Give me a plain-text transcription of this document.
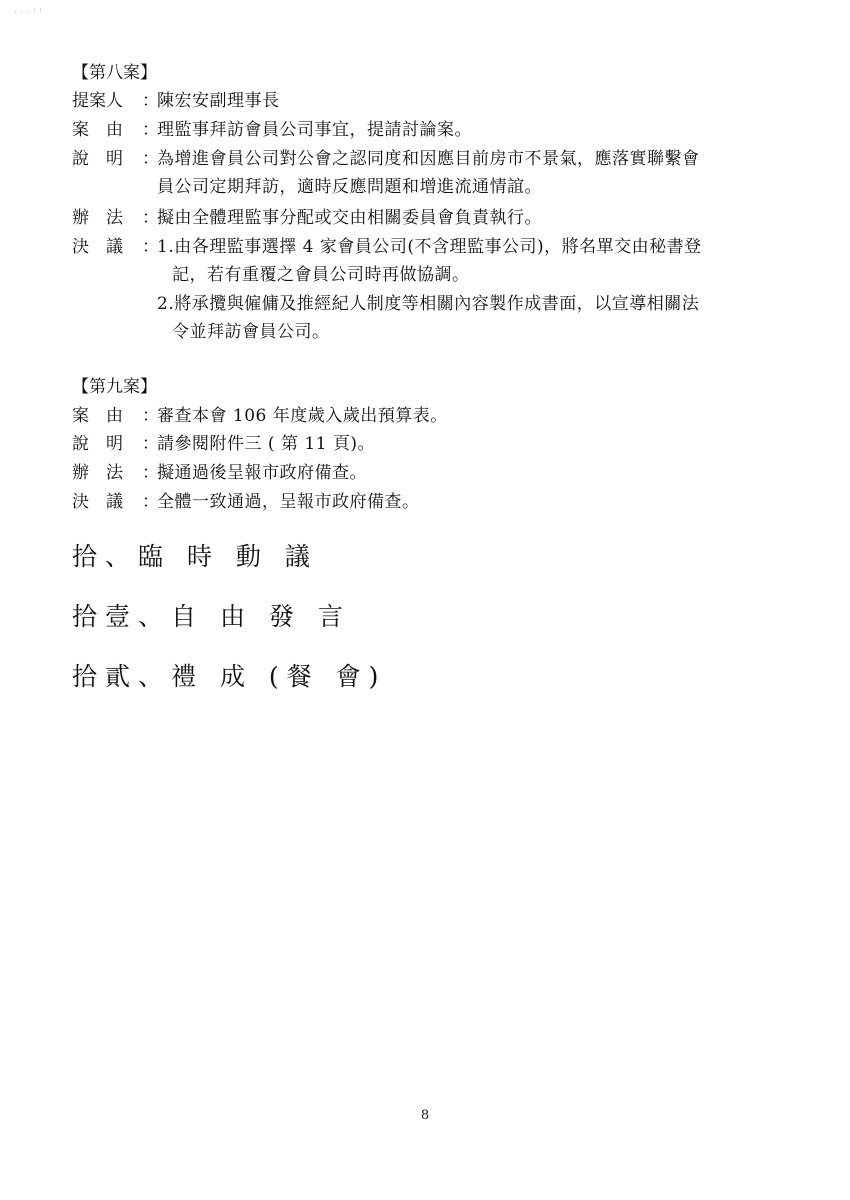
· · · ' '
【第八案】
提案人 ：陳宏安副理事長
案　由 ：理監事拜訪會員公司事宜，提請討論案。
說　明 ：為增進會員公司對公會之認同度和因應目前房市不景氣，應落實聯繫會
員公司定期拜訪，適時反應問題和增進流通情誼。
辦　法 ：擬由全體理監事分配或交由相關委員會負責執行。
決　議 ：1.由各理監事選擇 4 家會員公司(不含理監事公司)，將名單交由秘書登
記，若有重覆之會員公司時再做協調。
2.將承攬與僱傭及推經紀人制度等相關內容製作成書面，以宣導相關法
令並拜訪會員公司。
【第九案】
案　由 ：審查本會 106 年度歲入歲出預算表。
說　明 ：請參閱附件三 ( 第 11 頁)。
辦　法 ：擬通過後呈報市政府備查。
決　議 ：全體一致通過，呈報市政府備查。
拾、臨 時 動 議
拾壹、自 由 發 言
拾貳、禮 成 (餐 會)
8
